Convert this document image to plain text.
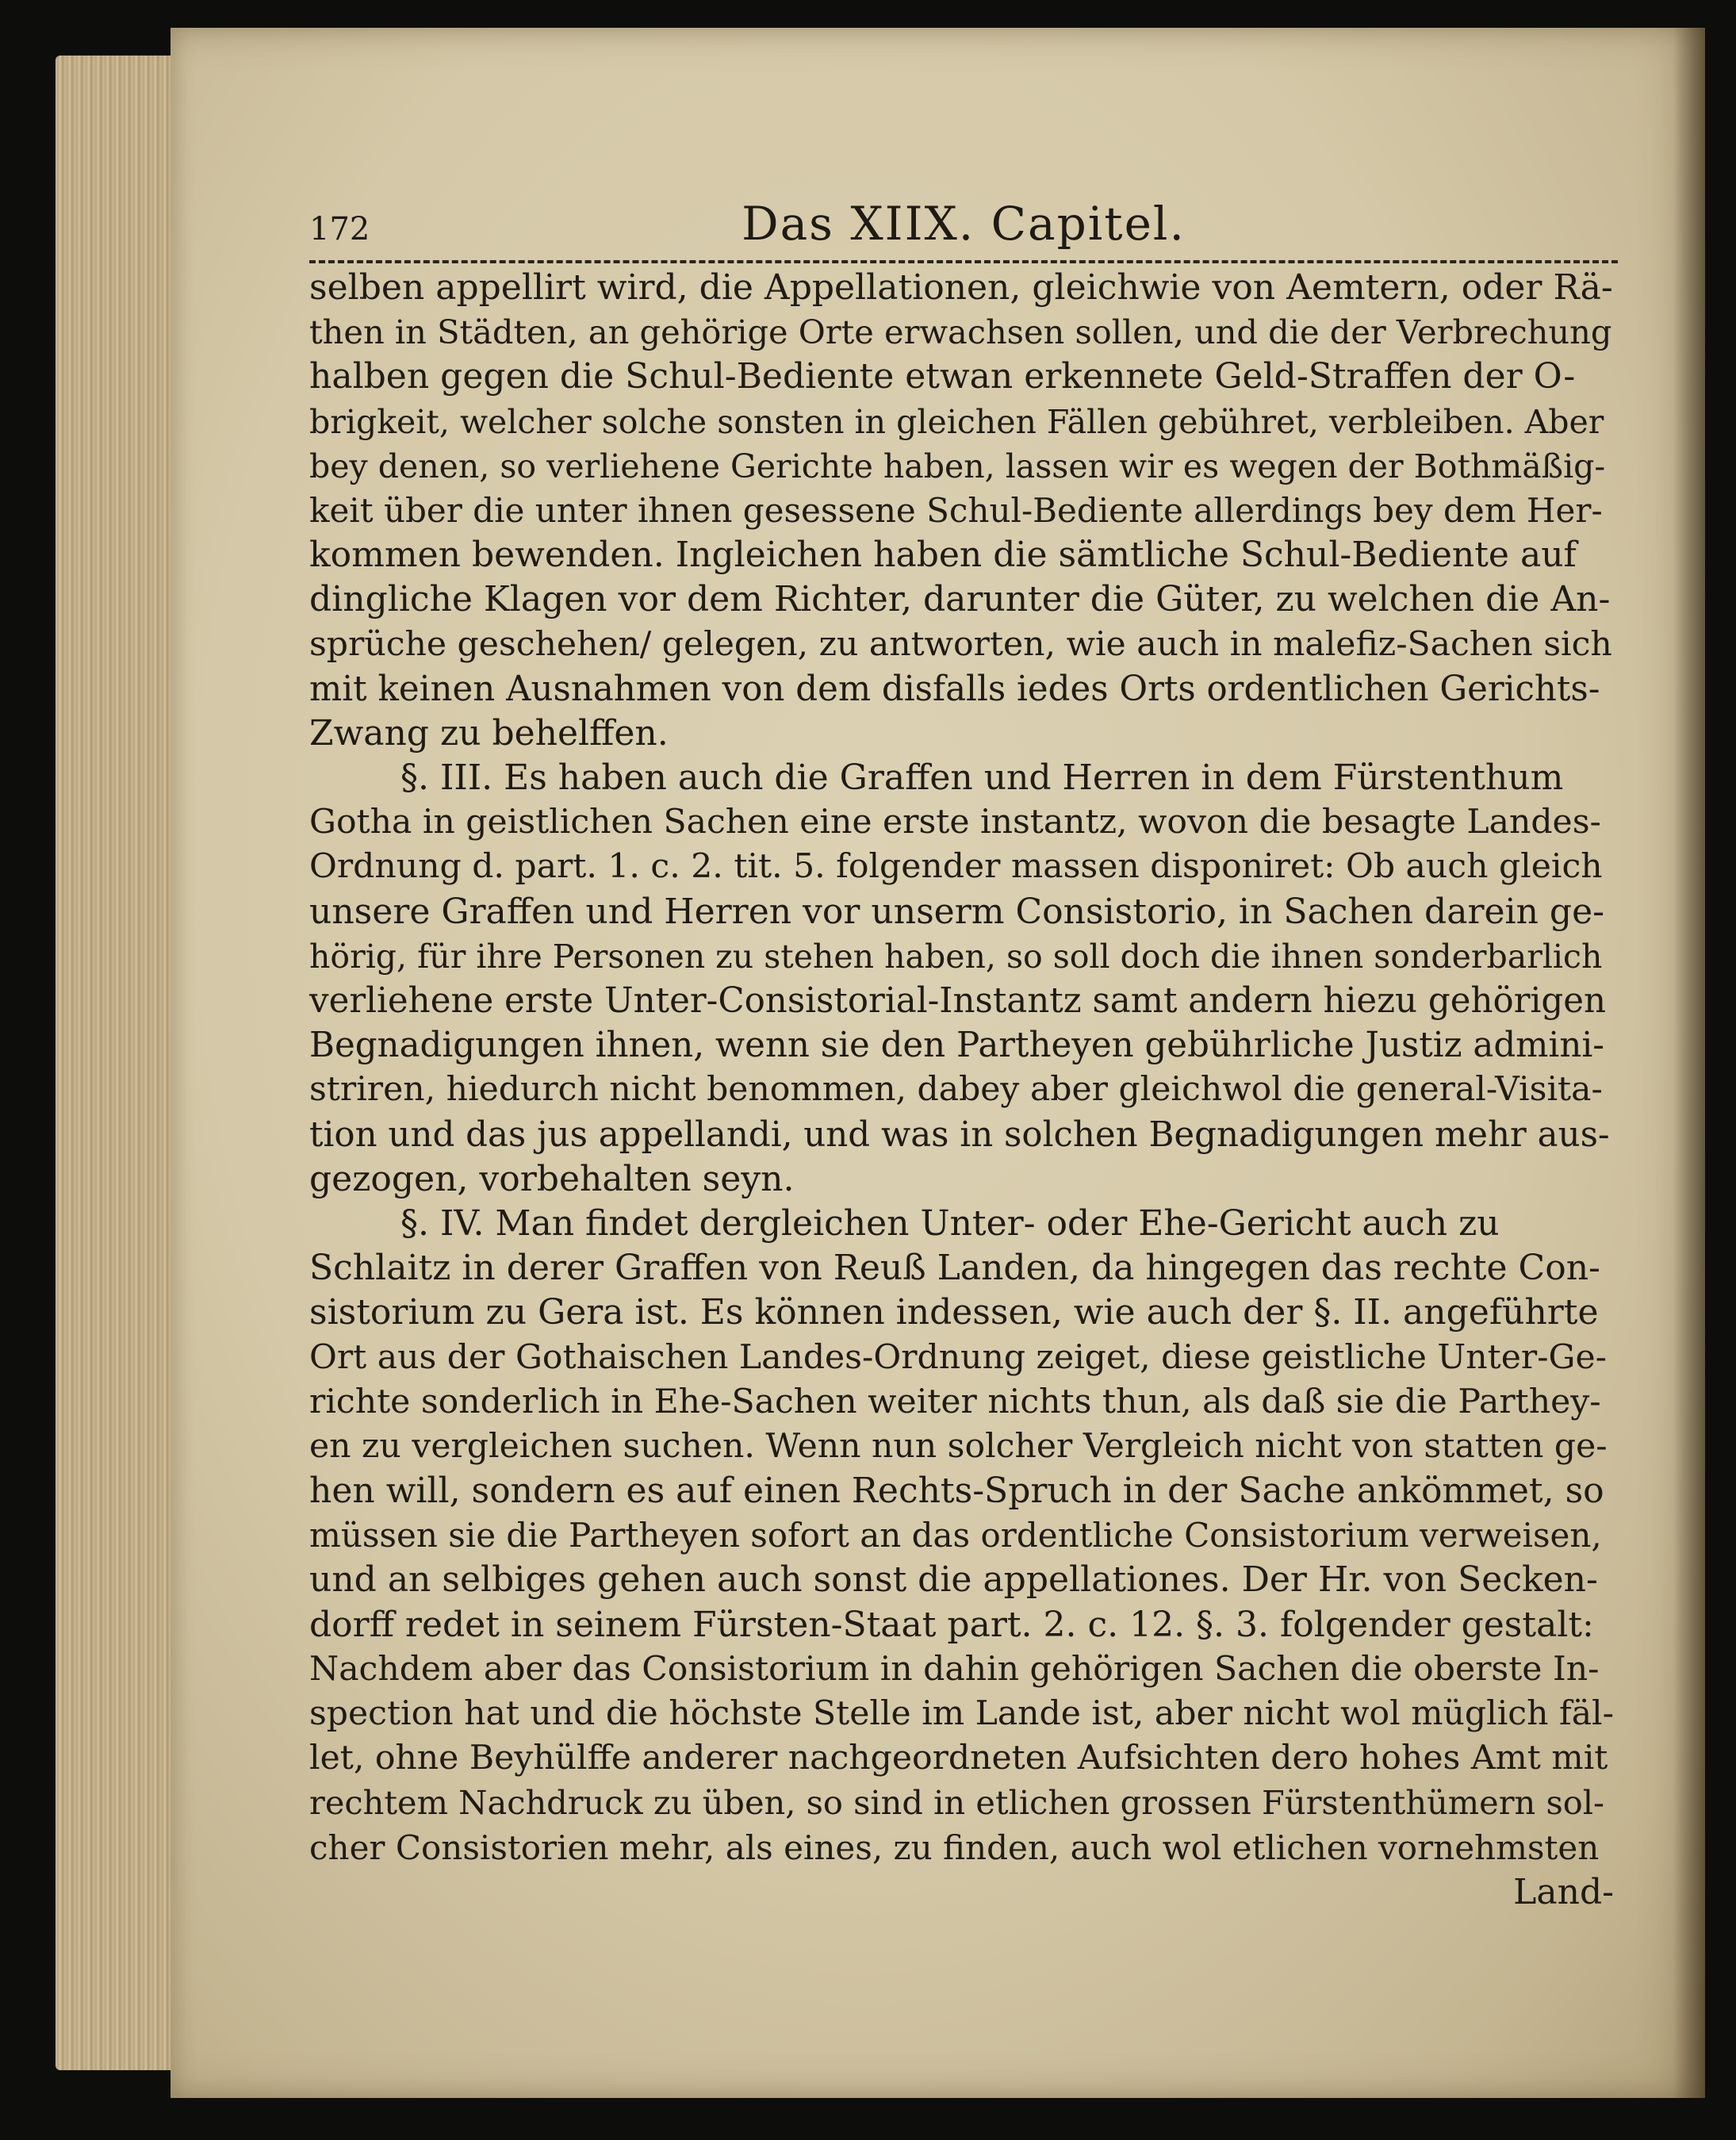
172	Das XIIX. Capitel.
selben appellirt wird, die Appellationen, gleichwie von Aemtern, oder Rä-
then in Städten, an gehörige Orte erwachsen sollen, und die der Verbrechung
halben gegen die Schul-Bediente etwan erkennete Geld-Straffen der O-
brigkeit, welcher solche sonsten in gleichen Fällen gebühret, verbleiben. Aber
bey denen, so verliehene Gerichte haben, lassen wir es wegen der Bothmäßig-
keit über die unter ihnen gesessene Schul-Bediente allerdings bey dem Her-
kommen bewenden. Ingleichen haben die sämtliche Schul-Bediente auf
dingliche Klagen vor dem Richter, darunter die Güter, zu welchen die An-
sprüche geschehen/ gelegen, zu antworten, wie auch in malefiz-Sachen sich
mit keinen Ausnahmen von dem disfalls iedes Orts ordentlichen Gerichts-
Zwang zu behelffen.
§. III. Es haben auch die Graffen und Herren in dem Fürstenthum
Gotha in geistlichen Sachen eine erste instantz, wovon die besagte Landes-
Ordnung d. part. 1. c. 2. tit. 5. folgender massen disponiret: Ob auch gleich
unsere Graffen und Herren vor unserm Consistorio, in Sachen darein ge-
hörig, für ihre Personen zu stehen haben, so soll doch die ihnen sonderbarlich
verliehene erste Unter-Consistorial-Instantz samt andern hiezu gehörigen
Begnadigungen ihnen, wenn sie den Partheyen gebührliche Justiz admini-
striren, hiedurch nicht benommen, dabey aber gleichwol die general-Visita-
tion und das jus appellandi, und was in solchen Begnadigungen mehr aus-
gezogen, vorbehalten seyn.
§. IV. Man findet dergleichen Unter- oder Ehe-Gericht auch zu
Schlaitz in derer Graffen von Reuß Landen, da hingegen das rechte Con-
sistorium zu Gera ist. Es können indessen, wie auch der §. II. angeführte
Ort aus der Gothaischen Landes-Ordnung zeiget, diese geistliche Unter-Ge-
richte sonderlich in Ehe-Sachen weiter nichts thun, als daß sie die Parthey-
en zu vergleichen suchen. Wenn nun solcher Vergleich nicht von statten ge-
hen will, sondern es auf einen Rechts-Spruch in der Sache ankömmet, so
müssen sie die Partheyen sofort an das ordentliche Consistorium verweisen,
und an selbiges gehen auch sonst die appellationes. Der Hr. von Secken-
dorff redet in seinem Fürsten-Staat part. 2. c. 12. §. 3. folgender gestalt:
Nachdem aber das Consistorium in dahin gehörigen Sachen die oberste In-
spection hat und die höchste Stelle im Lande ist, aber nicht wol müglich fäl-
let, ohne Beyhülffe anderer nachgeordneten Aufsichten dero hohes Amt mit
rechtem Nachdruck zu üben, so sind in etlichen grossen Fürstenthümern sol-
cher Consistorien mehr, als eines, zu finden, auch wol etlichen vornehmsten
Land-
